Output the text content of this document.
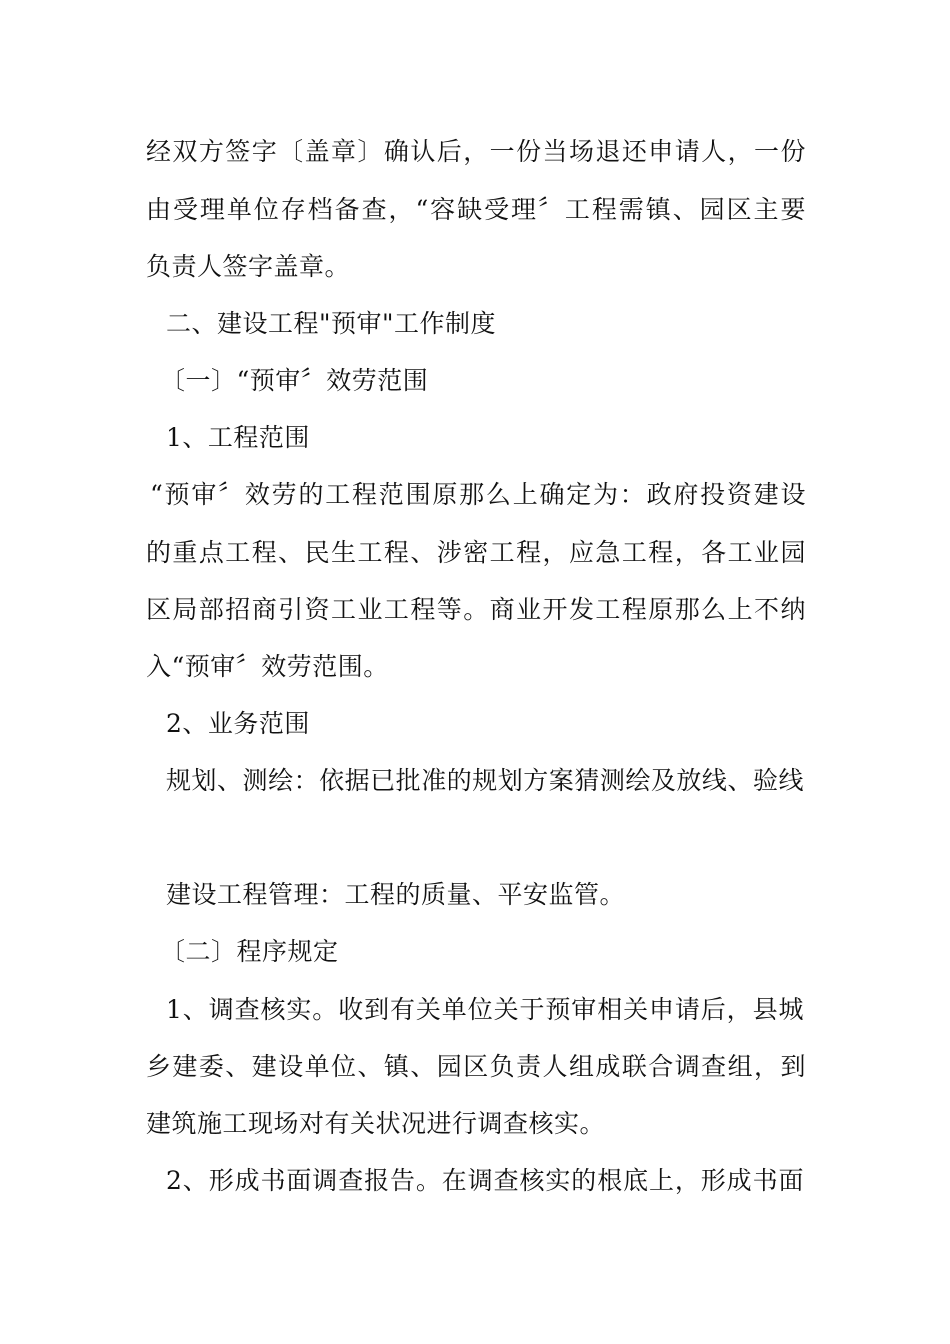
经双方签字〔盖章〕确认后，一份当场退还申请人，一份
由受理单位存档备查，“容缺受理〞工程需镇、园区主要
负责人签字盖章。
二、建设工程"预审"工作制度
〔一〕“预审〞效劳范围
1、工程范围
“预审〞效劳的工程范围原那么上确定为：政府投资建设
的重点工程、民生工程、涉密工程，应急工程，各工业园
区局部招商引资工业工程等。商业开发工程原那么上不纳
入“预审〞效劳范围。
2、业务范围
规划、测绘：依据已批准的规划方案猜测绘及放线、验线
建设工程管理：工程的质量、平安监管。
〔二〕程序规定
1、调查核实。收到有关单位关于预审相关申请后，县城
乡建委、建设单位、镇、园区负责人组成联合调查组，到
建筑施工现场对有关状况进行调查核实。
2、形成书面调查报告。在调查核实的根底上，形成书面
